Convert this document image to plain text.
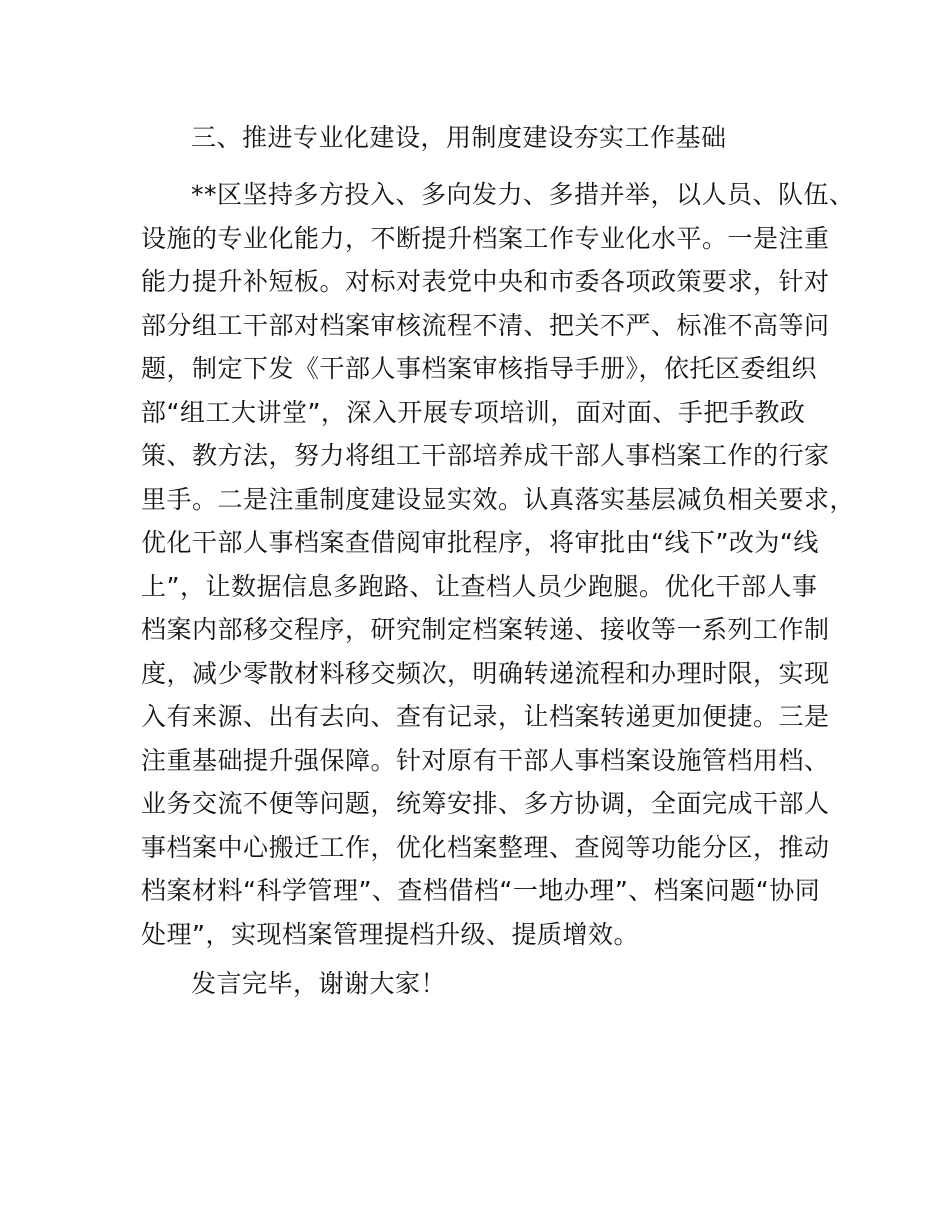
三、推进专业化建设，用制度建设夯实工作基础
**区坚持多方投入、多向发力、多措并举，以人员、队伍、
设施的专业化能力，不断提升档案工作专业化水平。一是注重
能力提升补短板。对标对表党中央和市委各项政策要求，针对
部分组工干部对档案审核流程不清、把关不严、标准不高等问
题，制定下发《干部人事档案审核指导手册》，依托区委组织
部“组工大讲堂”，深入开展专项培训，面对面、手把手教政
策、教方法，努力将组工干部培养成干部人事档案工作的行家
里手。二是注重制度建设显实效。认真落实基层减负相关要求，
优化干部人事档案查借阅审批程序，将审批由“线下”改为“线
上”，让数据信息多跑路、让查档人员少跑腿。优化干部人事
档案内部移交程序，研究制定档案转递、接收等一系列工作制
度，减少零散材料移交频次，明确转递流程和办理时限，实现
入有来源、出有去向、查有记录，让档案转递更加便捷。三是
注重基础提升强保障。针对原有干部人事档案设施管档用档、
业务交流不便等问题，统筹安排、多方协调，全面完成干部人
事档案中心搬迁工作，优化档案整理、查阅等功能分区，推动
档案材料“科学管理”、查档借档“一地办理”、档案问题“协同
处理”，实现档案管理提档升级、提质增效。
发言完毕，谢谢大家！
